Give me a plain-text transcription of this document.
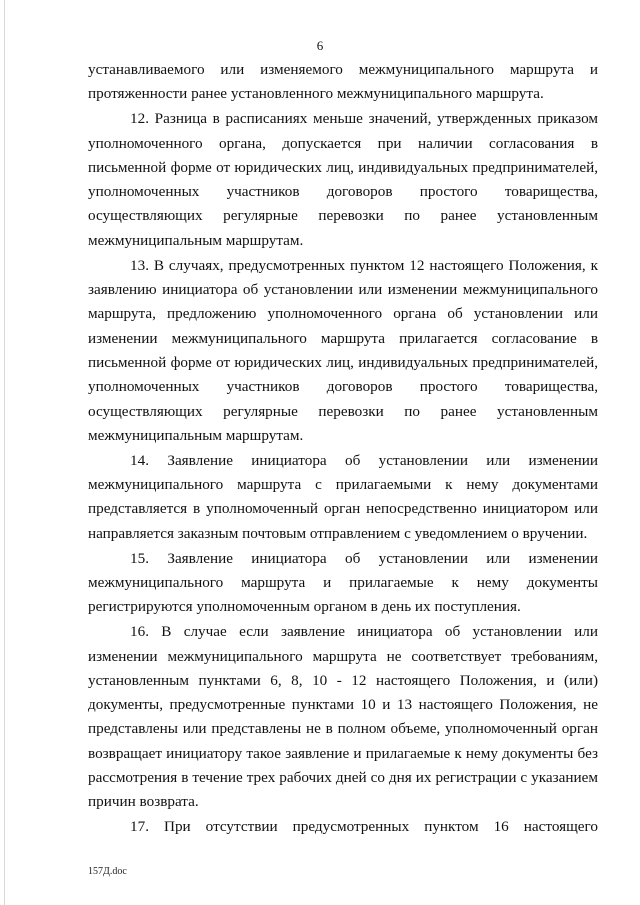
6

устанавливаемого или изменяемого межмуниципального маршрута и протяженности ранее установленного межмуниципального маршрута.

12. Разница в расписаниях меньше значений, утвержденных приказом уполномоченного органа, допускается при наличии согласования в письменной форме от юридических лиц, индивидуальных предпринимателей, уполномоченных участников договоров простого товарищества, осуществляющих регулярные перевозки по ранее установленным межмуниципальным маршрутам.

13. В случаях, предусмотренных пунктом 12 настоящего Положения, к заявлению инициатора об установлении или изменении межмуниципального маршрута, предложению уполномоченного органа об установлении или изменении межмуниципального маршрута прилагается согласование в письменной форме от юридических лиц, индивидуальных предпринимателей, уполномоченных участников договоров простого товарищества, осуществляющих регулярные перевозки по ранее установленным межмуниципальным маршрутам.

14. Заявление инициатора об установлении или изменении межмуниципального маршрута с прилагаемыми к нему документами представляется в уполномоченный орган непосредственно инициатором или направляется заказным почтовым отправлением с уведомлением о вручении.

15. Заявление инициатора об установлении или изменении межмуниципального маршрута и прилагаемые к нему документы регистрируются уполномоченным органом в день их поступления.

16. В случае если заявление инициатора об установлении или изменении межмуниципального маршрута не соответствует требованиям, установленным пунктами 6, 8, 10 - 12 настоящего Положения, и (или) документы, предусмотренные пунктами 10 и 13 настоящего Положения, не представлены или представлены не в полном объеме, уполномоченный орган возвращает инициатору такое заявление и прилагаемые к нему документы без рассмотрения в течение трех рабочих дней со дня их регистрации с указанием причин возврата.

17. При отсутствии предусмотренных пунктом 16 настоящего

157Д.doc
